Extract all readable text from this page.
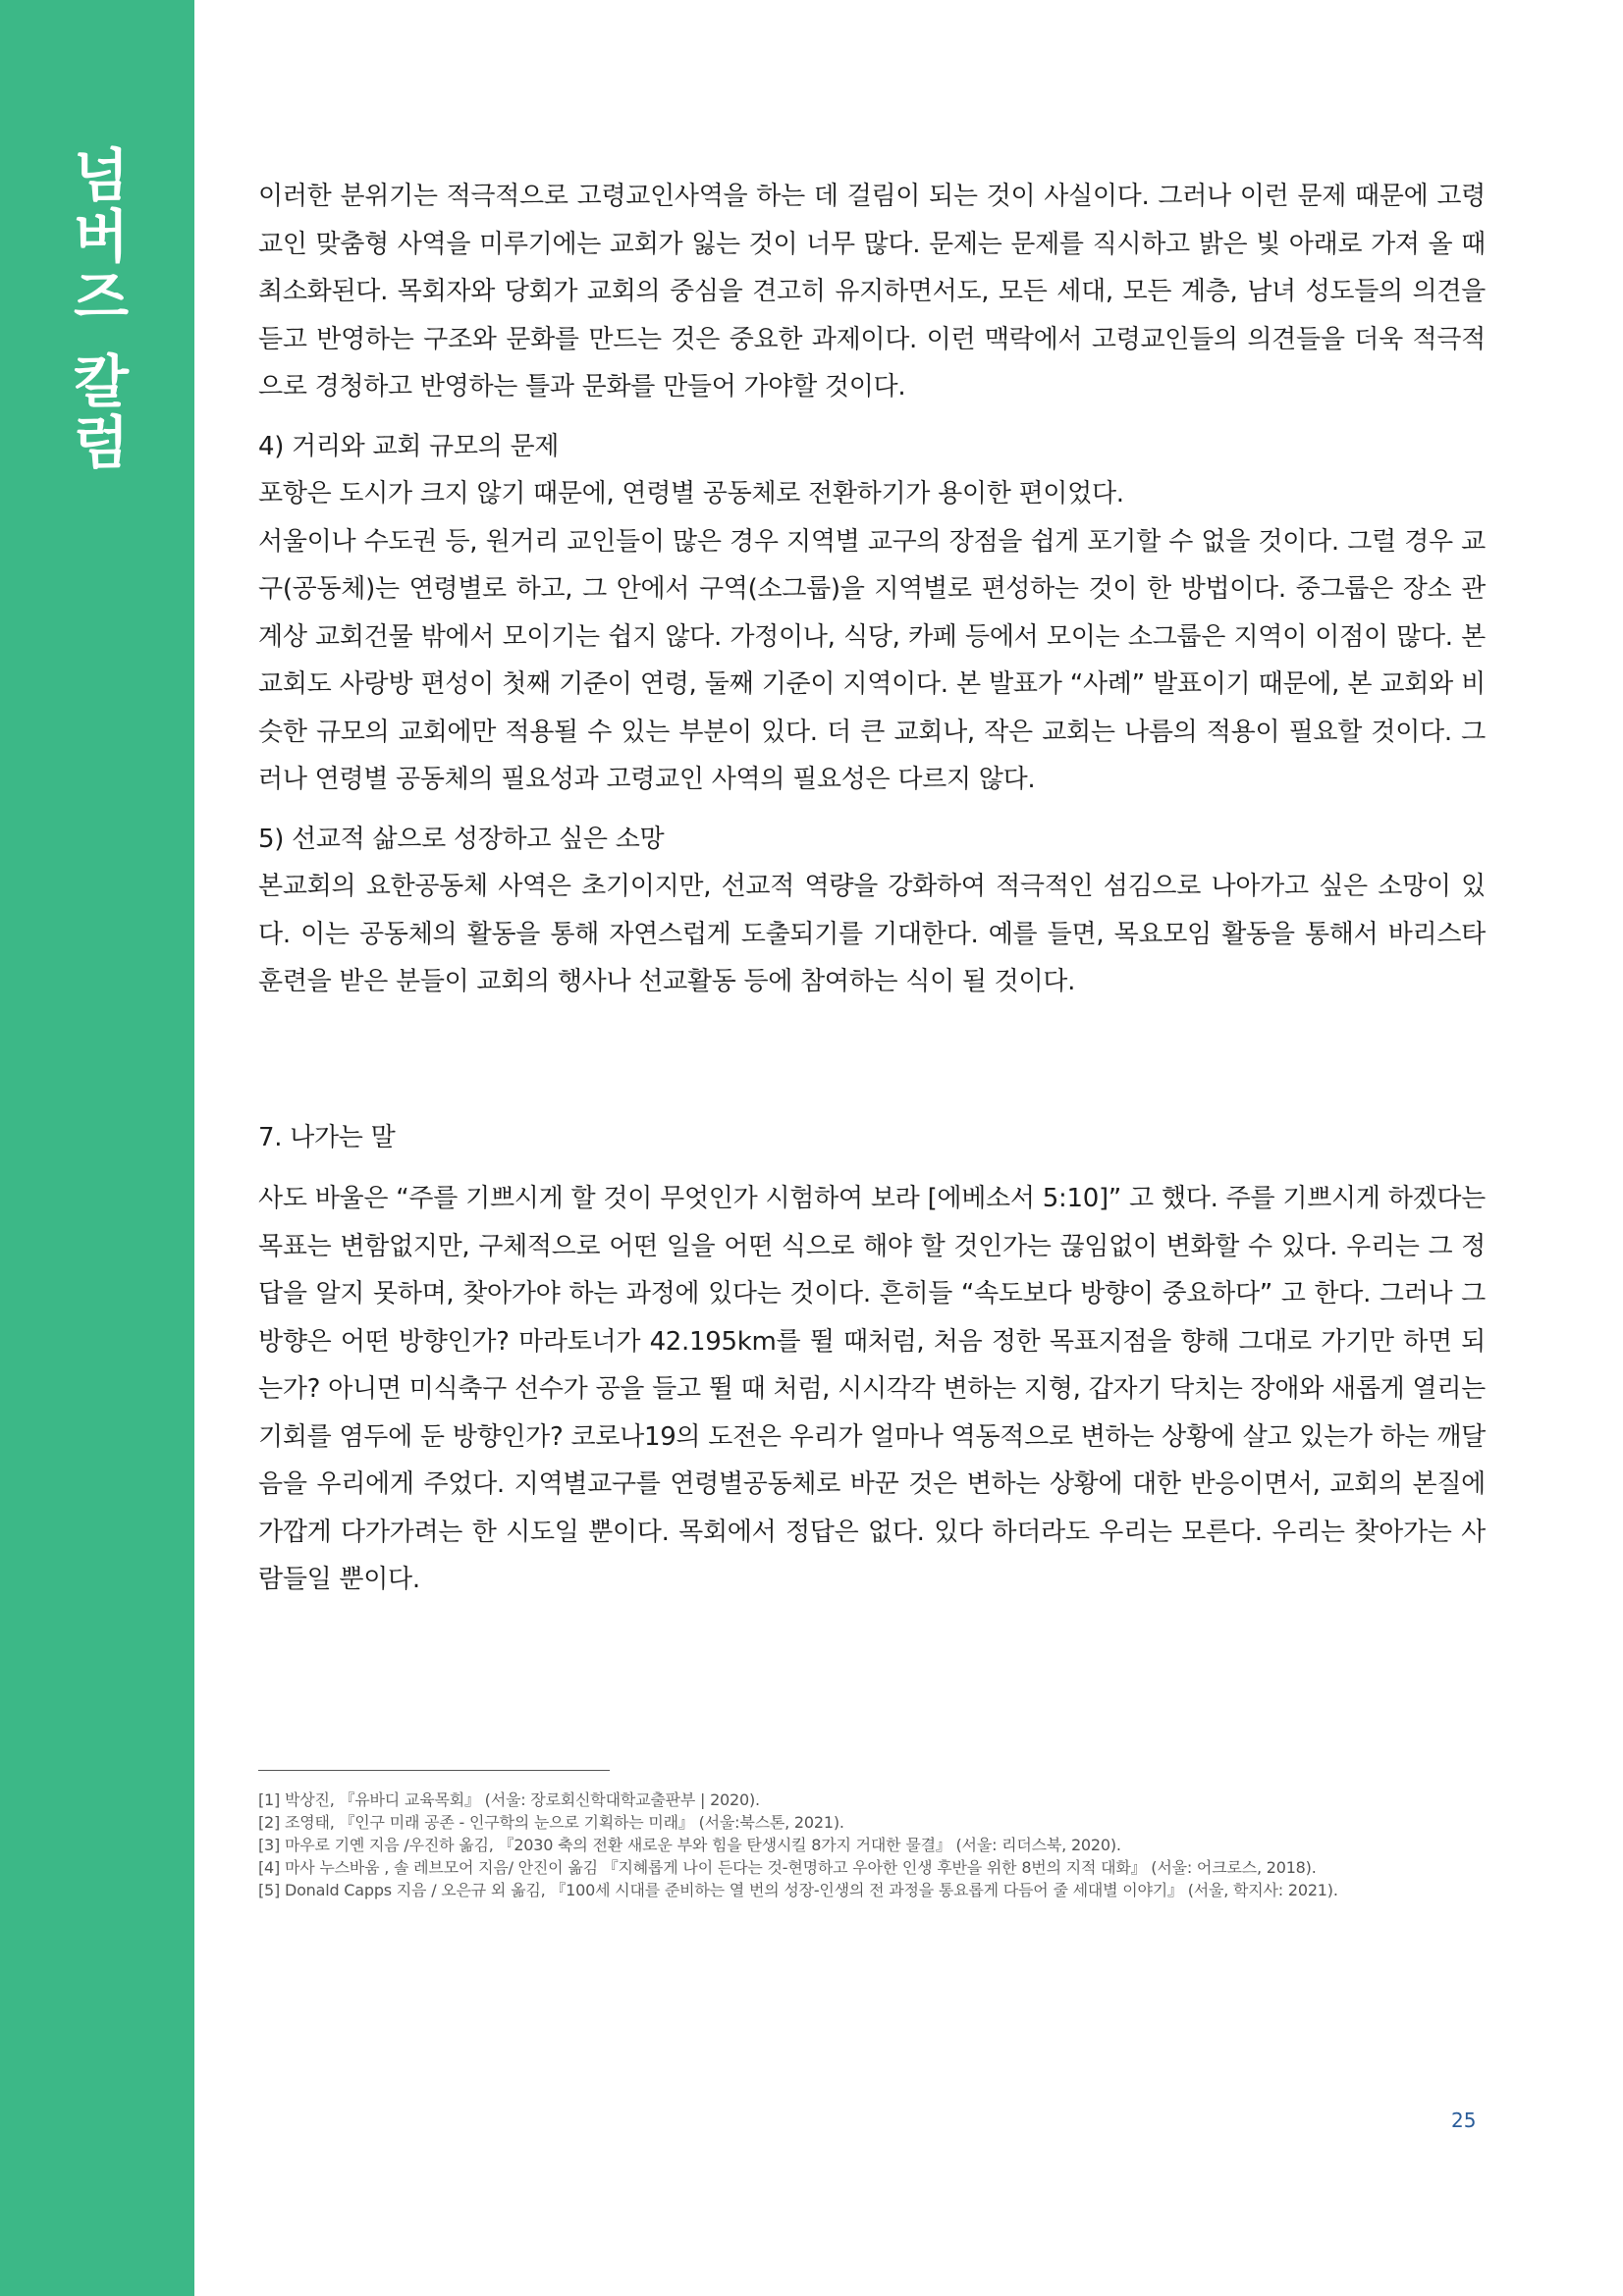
넘버즈 칼럼	이러한 분위기는 적극적으로 고령교인사역을 하는 데 걸림이 되는 것이 사실이다. 그러나 이런 문제 때문에 고령교인 맞춤형 사역을 미루기에는 교회가 잃는 것이 너무 많다. 문제는 문제를 직시하고 밝은 빛 아래로 가져 올 때 최소화된다. 목회자와 당회가 교회의 중심을 견고히 유지하면서도, 모든 세대, 모든 계층, 남녀 성도들의 의견을 듣고 반영하는 구조와 문화를 만드는 것은 중요한 과제이다. 이런 맥락에서 고령교인들의 의견들을 더욱 적극적으로 경청하고 반영하는 틀과 문화를 만들어 가야할 것이다.

4) 거리와 교회 규모의 문제

포항은 도시가 크지 않기 때문에, 연령별 공동체로 전환하기가 용이한 편이었다.

서울이나 수도권 등, 원거리 교인들이 많은 경우 지역별 교구의 장점을 쉽게 포기할 수 없을 것이다. 그럴 경우 교구(공동체)는 연령별로 하고, 그 안에서 구역(소그룹)을 지역별로 편성하는 것이 한 방법이다. 중그룹은 장소 관계상 교회건물 밖에서 모이기는 쉽지 않다. 가정이나, 식당, 카페 등에서 모이는 소그룹은 지역이 이점이 많다. 본교회도 사랑방 편성이 첫째 기준이 연령, 둘째 기준이 지역이다. 본 발표가 “사례” 발표이기 때문에, 본 교회와 비슷한 규모의 교회에만 적용될 수 있는 부분이 있다. 더 큰 교회나, 작은 교회는 나름의 적용이 필요할 것이다. 그러나 연령별 공동체의 필요성과 고령교인 사역의 필요성은 다르지 않다.

5) 선교적 삶으로 성장하고 싶은 소망

본교회의 요한공동체 사역은 초기이지만, 선교적 역량을 강화하여 적극적인 섬김으로 나아가고 싶은 소망이 있다. 이는 공동체의 활동을 통해 자연스럽게 도출되기를 기대한다. 예를 들면, 목요모임 활동을 통해서 바리스타 훈련을 받은 분들이 교회의 행사나 선교활동 등에 참여하는 식이 될 것이다.

7. 나가는 말

사도 바울은 “주를 기쁘시게 할 것이 무엇인가 시험하여 보라 [에베소서 5:10]” 고 했다. 주를 기쁘시게 하겠다는 목표는 변함없지만, 구체적으로 어떤 일을 어떤 식으로 해야 할 것인가는 끊임없이 변화할 수 있다. 우리는 그 정답을 알지 못하며, 찾아가야 하는 과정에 있다는 것이다. 흔히들 “속도보다 방향이 중요하다” 고 한다. 그러나 그 방향은 어떤 방향인가? 마라토너가 42.195km를 뛸 때처럼, 처음 정한 목표지점을 향해 그대로 가기만 하면 되는가? 아니면 미식축구 선수가 공을 들고 뛸 때 처럼, 시시각각 변하는 지형, 갑자기 닥치는 장애와 새롭게 열리는 기회를 염두에 둔 방향인가? 코로나19의 도전은 우리가 얼마나 역동적으로 변하는 상황에 살고 있는가 하는 깨달음을 우리에게 주었다. 지역별교구를 연령별공동체로 바꾼 것은 변하는 상황에 대한 반응이면서, 교회의 본질에 가깝게 다가가려는 한 시도일 뿐이다. 목회에서 정답은 없다. 있다 하더라도 우리는 모른다. 우리는 찾아가는 사람들일 뿐이다.

[1] 박상진, 『유바디 교육목회』 (서울: 장로회신학대학교출판부 | 2020).
[2] 조영태, 『인구 미래 공존 - 인구학의 눈으로 기획하는 미래』 (서울:북스톤, 2021).
[3] 마우로 기옌 지음 /우진하 옮김, 『2030 축의 전환 새로운 부와 힘을 탄생시킬 8가지 거대한 물결』 (서울: 리더스북, 2020).
[4] 마사 누스바움 , 솔 레브모어 지음/ 안진이 옮김 『지혜롭게 나이 든다는 것-현명하고 우아한 인생 후반을 위한 8번의 지적 대화』 (서울: 어크로스, 2018).
[5] Donald Capps 지음 / 오은규 외 옮김, 『100세 시대를 준비하는 열 번의 성장-인생의 전 과정을 통요롭게 다듬어 줄 세대별 이야기』 (서울, 학지사: 2021).
25
